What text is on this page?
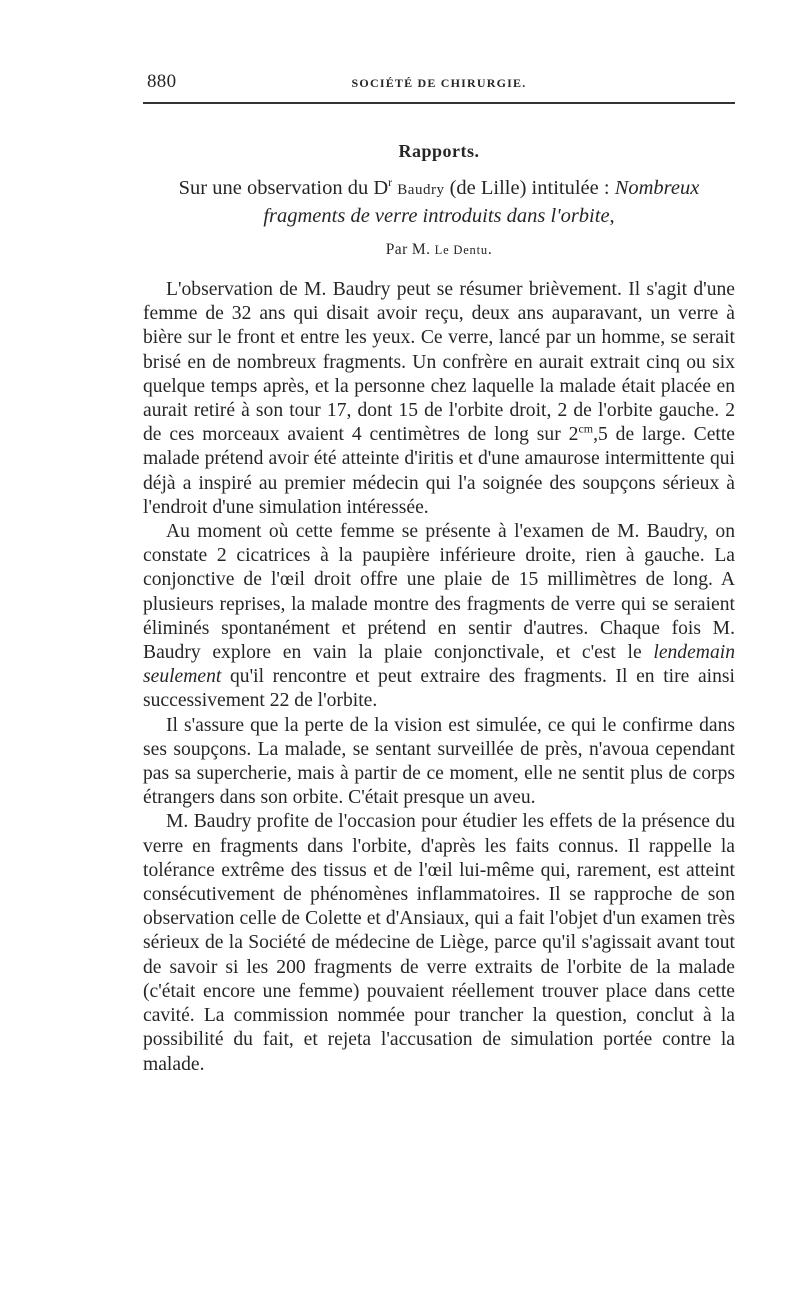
880	SOCIÉTÉ DE CHIRURGIE.
Rapports.
Sur une observation du $D^r$ Baudry (de Lille) intitulée : Nombreux fragments de verre introduits dans l'orbite,
Par M. Le Dentu.

L'observation de M. Baudry peut se résumer brièvement. Il s'agit d'une femme de 32 ans qui disait avoir reçu, deux ans auparavant, un verre à bière sur le front et entre les yeux. Ce verre, lancé par un homme, se serait brisé en de nombreux fragments. Un confrère en aurait extrait cinq ou six quelque temps après, et la personne chez laquelle la malade était placée en aurait retiré à son tour 17, dont 15 de l'orbite droit, 2 de l'orbite gauche. 2 de ces morceaux avaient 4 centimètres de long sur $2^{cm},5$ de large. Cette malade prétend avoir été atteinte d'iritis et d'une amaurose intermittente qui déjà a inspiré au premier médecin qui l'a soignée des soupçons sérieux à l'endroit d'une simulation intéressée.

Au moment où cette femme se présente à l'examen de M. Baudry, on constate 2 cicatrices à la paupière inférieure droite, rien à gauche. La conjonctive de l'œil droit offre une plaie de 15 millimètres de long. A plusieurs reprises, la malade montre des fragments de verre qui se seraient éliminés spontanément et prétend en sentir d'autres. Chaque fois M. Baudry explore en vain la plaie conjonctivale, et c'est le lendemain seulement qu'il rencontre et peut extraire des fragments. Il en tire ainsi successivement 22 de l'orbite.

Il s'assure que la perte de la vision est simulée, ce qui le confirme dans ses soupçons. La malade, se sentant surveillée de près, n'avoua cependant pas sa supercherie, mais à partir de ce moment, elle ne sentit plus de corps étrangers dans son orbite. C'était presque un aveu.

M. Baudry profite de l'occasion pour étudier les effets de la présence du verre en fragments dans l'orbite, d'après les faits connus. Il rappelle la tolérance extrême des tissus et de l'œil lui-même qui, rarement, est atteint consécutivement de phénomènes inflammatoires. Il se rapproche de son observation celle de Colette et d'Ansiaux, qui a fait l'objet d'un examen très sérieux de la Société de médecine de Liège, parce qu'il s'agissait avant tout de savoir si les 200 fragments de verre extraits de l'orbite de la malade (c'était encore une femme) pouvaient réellement trouver place dans cette cavité. La commission nommée pour trancher la question, conclut à la possibilité du fait, et rejeta l'accusation de simulation portée contre la malade.
